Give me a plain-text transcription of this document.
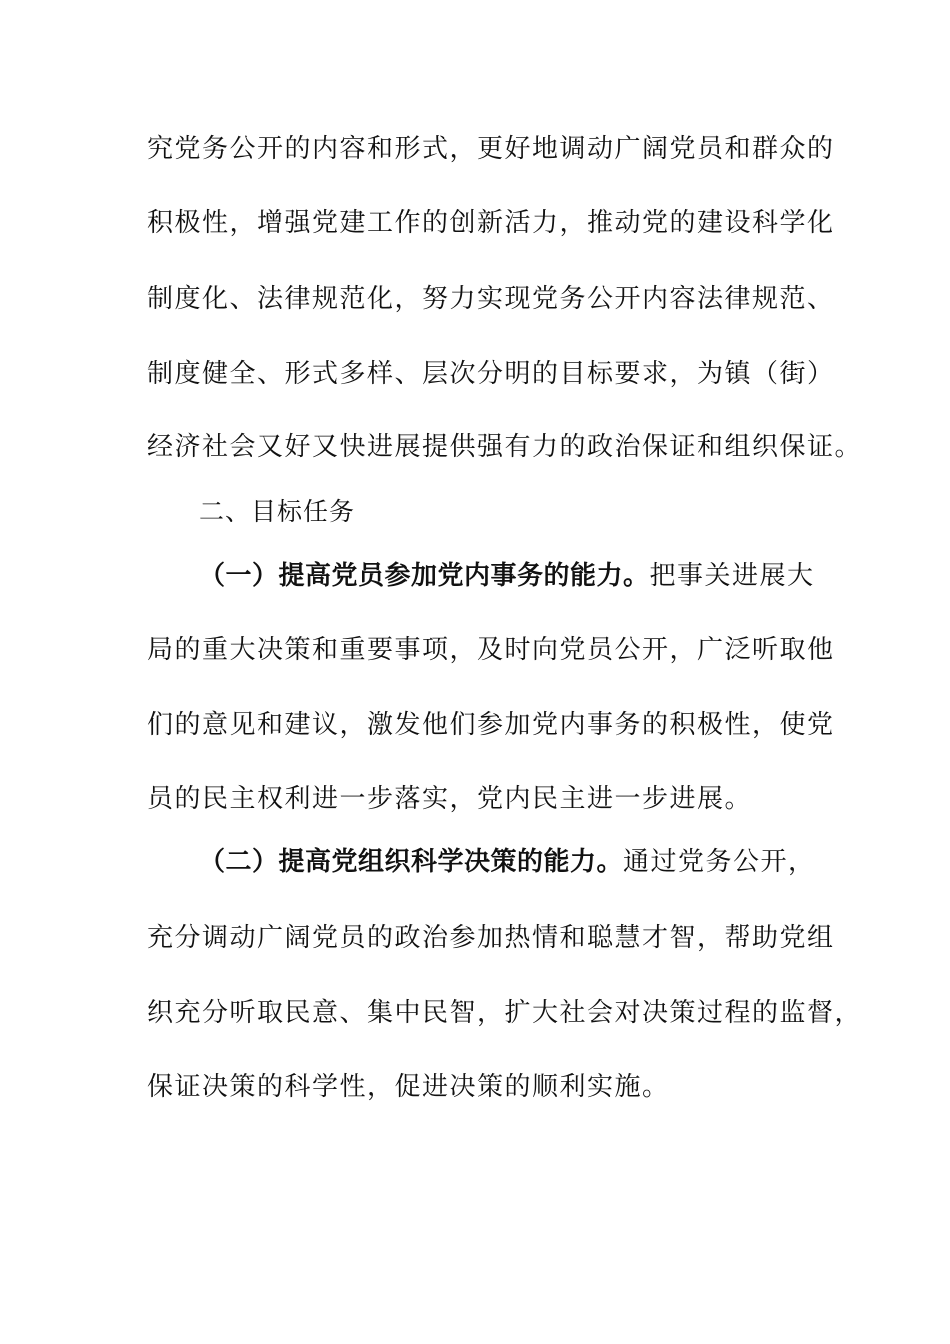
究党务公开的内容和形式，更好地调动广阔党员和群众的
积极性，增强党建工作的创新活力，推动党的建设科学化
制度化、法律规范化，努力实现党务公开内容法律规范、
制度健全、形式多样、层次分明的目标要求，为镇（街）
经济社会又好又快进展提供强有力的政治保证和组织保证。
二、目标任务
（一）提高党员参加党内事务的能力。把事关进展大
局的重大决策和重要事项，及时向党员公开，广泛听取他
们的意见和建议，激发他们参加党内事务的积极性，使党
员的民主权利进一步落实，党内民主进一步进展。
（二）提高党组织科学决策的能力。通过党务公开，
充分调动广阔党员的政治参加热情和聪慧才智，帮助党组
织充分听取民意、集中民智，扩大社会对决策过程的监督，
保证决策的科学性，促进决策的顺利实施。
